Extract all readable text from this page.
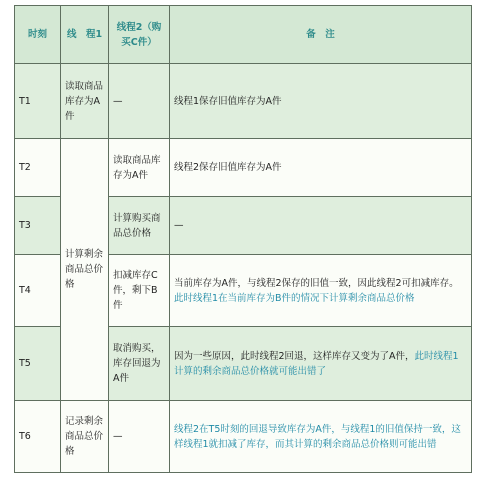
时刻	线　程1	线程2（购买C件）	备　注
T1	读取商品库存为A件	—	线程1保存旧值库存为A件
T2	计算剩余商品总价格	读取商品库存为A件	线程2保存旧值库存为A件
T3		计算购买商品总价格	—
T4		扣减库存C件，剩下B件	当前库存为A件，与线程2保存的旧值一致，因此线程2可扣减库存。此时线程1在当前库存为B件的情况下计算剩余商品总价格
T5		取消购买，库存回退为A件	因为一些原因，此时线程2回退，这样库存又变为了A件，此时线程1计算的剩余商品总价格就可能出错了
T6	记录剩余商品总价格	—	线程2在T5时刻的回退导致库存为A件，与线程1的旧值保持一致，这样线程1就扣减了库存，而其计算的剩余商品总价格则可能出错
